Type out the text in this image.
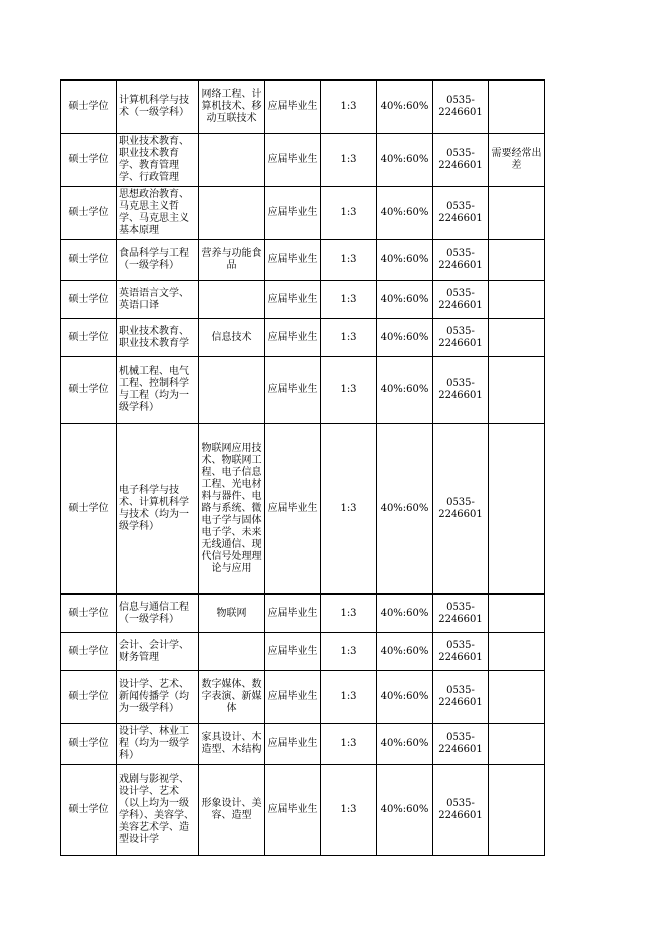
硕士学位	计算机科学与技术（一级学科）	网络工程、计算机技术、移动互联技术	应届毕业生	1:3	40%:60%	0535-2246601	
硕士学位	职业技术教育、职业技术教育学、教育管理学、行政管理		应届毕业生	1:3	40%:60%	0535-2246601	需要经常出差
硕士学位	思想政治教育、马克思主义哲学、马克思主义基本原理		应届毕业生	1:3	40%:60%	0535-2246601	
硕士学位	食品科学与工程（一级学科）	营养与功能食品	应届毕业生	1:3	40%:60%	0535-2246601	
硕士学位	英语语言文学、英语口译		应届毕业生	1:3	40%:60%	0535-2246601	
硕士学位	职业技术教育、职业技术教育学	信息技术	应届毕业生	1:3	40%:60%	0535-2246601	
硕士学位	机械工程、电气工程、控制科学与工程（均为一级学科）		应届毕业生	1:3	40%:60%	0535-2246601	
硕士学位	电子科学与技术、计算机科学与技术（均为一级学科）	物联网应用技术、物联网工程、电子信息工程、光电材料与器件、电路与系统、微电子学与固体电子学、未来无线通信、现代信号处理理论与应用	应届毕业生	1:3	40%:60%	0535-2246601	
硕士学位	信息与通信工程（一级学科）	物联网	应届毕业生	1:3	40%:60%	0535-2246601	
硕士学位	会计、会计学、财务管理		应届毕业生	1:3	40%:60%	0535-2246601	
硕士学位	设计学、艺术、新闻传播学（均为一级学科）	数字媒体、数字表演、新媒体	应届毕业生	1:3	40%:60%	0535-2246601	
硕士学位	设计学、林业工程（均为一级学科）	家具设计、木造型、木结构	应届毕业生	1:3	40%:60%	0535-2246601	
硕士学位	戏剧与影视学、设计学、艺术（以上均为一级学科）、美容学、美容艺术学、造型设计学	形象设计、美容、造型	应届毕业生	1:3	40%:60%	0535-2246601	
